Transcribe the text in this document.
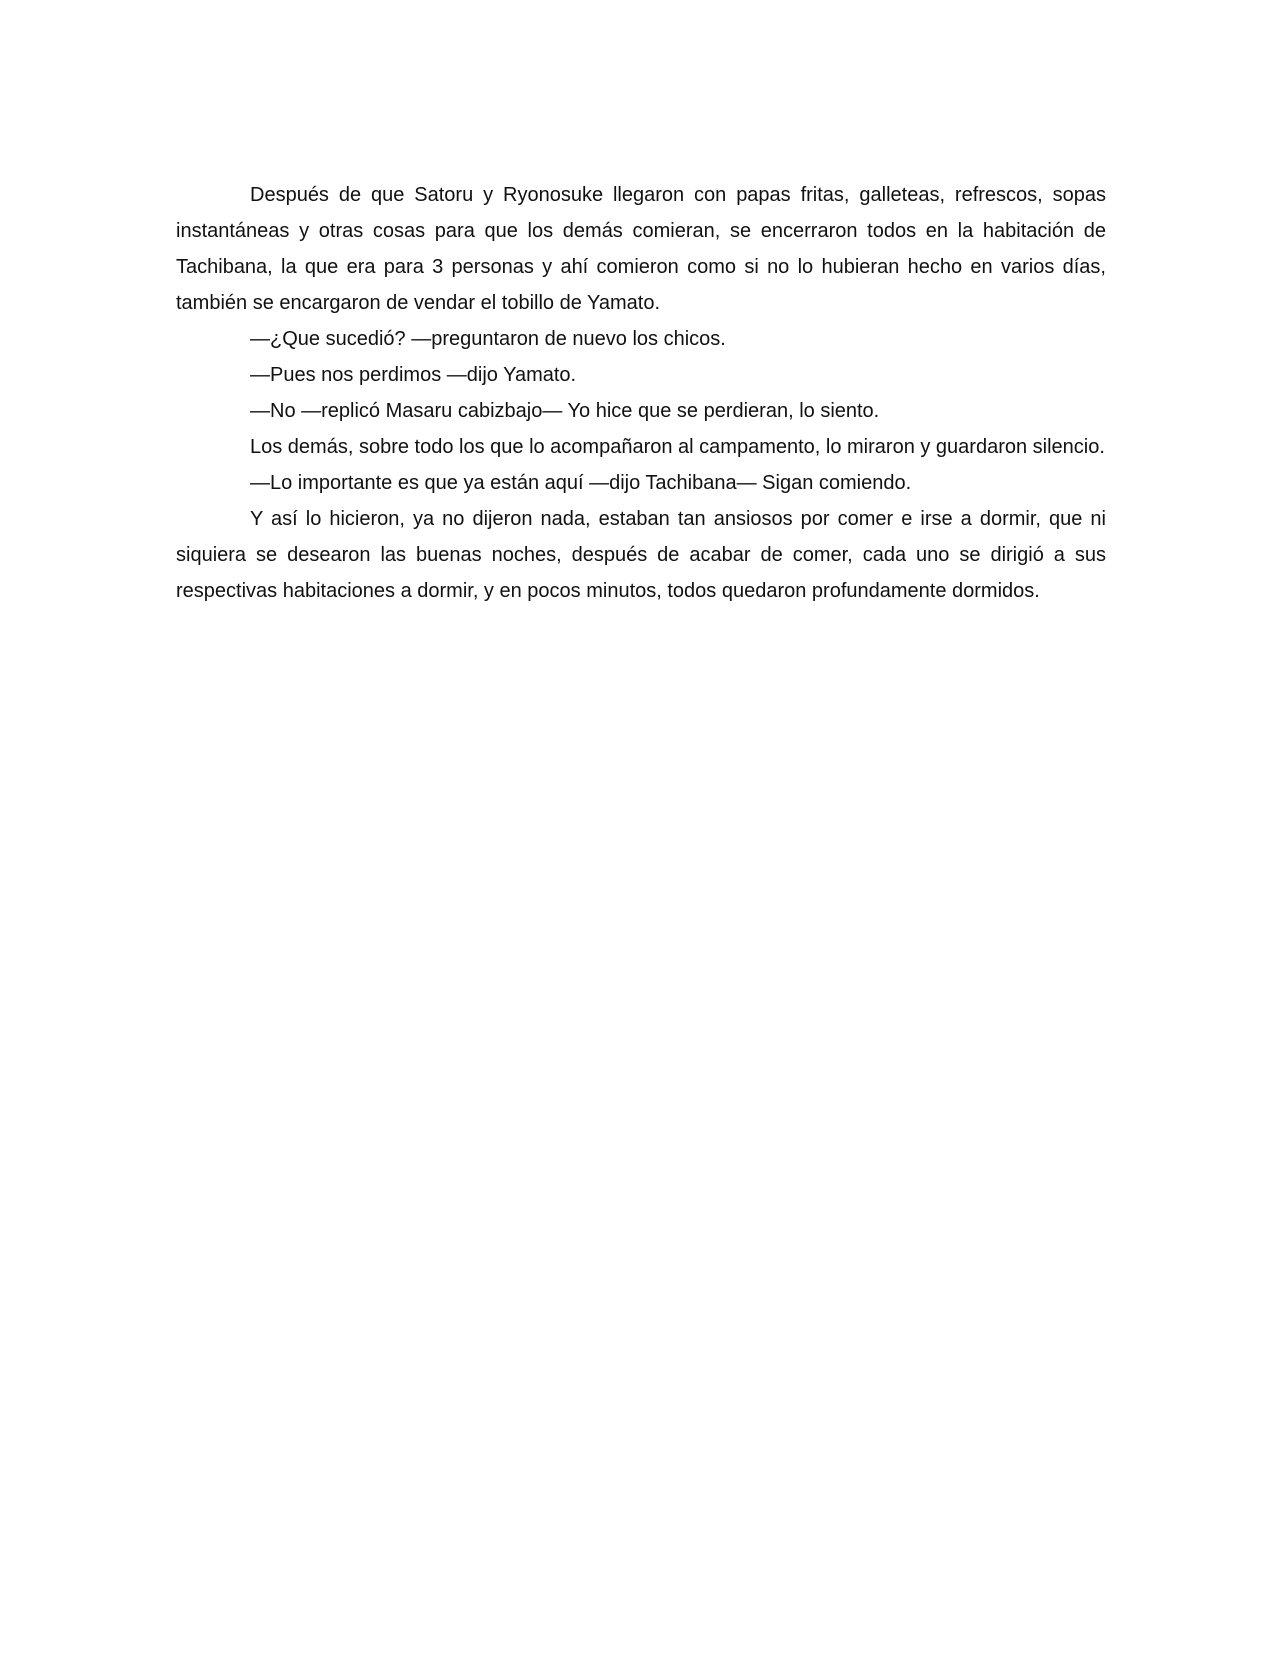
Después de que Satoru y Ryonosuke llegaron con papas fritas, galleteas, refrescos, sopas instantáneas y otras cosas para que los demás comieran, se encerraron todos en la habitación de Tachibana, la que era para 3 personas y ahí comieron como si no lo hubieran hecho en varios días, también se encargaron de vendar el tobillo de Yamato.

—¿Que sucedió? —preguntaron de nuevo los chicos.

—Pues nos perdimos —dijo Yamato.

—No —replicó Masaru cabizbajo— Yo hice que se perdieran, lo siento.

Los demás, sobre todo los que lo acompañaron al campamento, lo miraron y guardaron silencio.

—Lo importante es que ya están aquí —dijo Tachibana— Sigan comiendo.

Y así lo hicieron, ya no dijeron nada, estaban tan ansiosos por comer e irse a dormir, que ni siquiera se desearon las buenas noches, después de acabar de comer, cada uno se dirigió a sus respectivas habitaciones a dormir, y en pocos minutos, todos quedaron profundamente dormidos.
